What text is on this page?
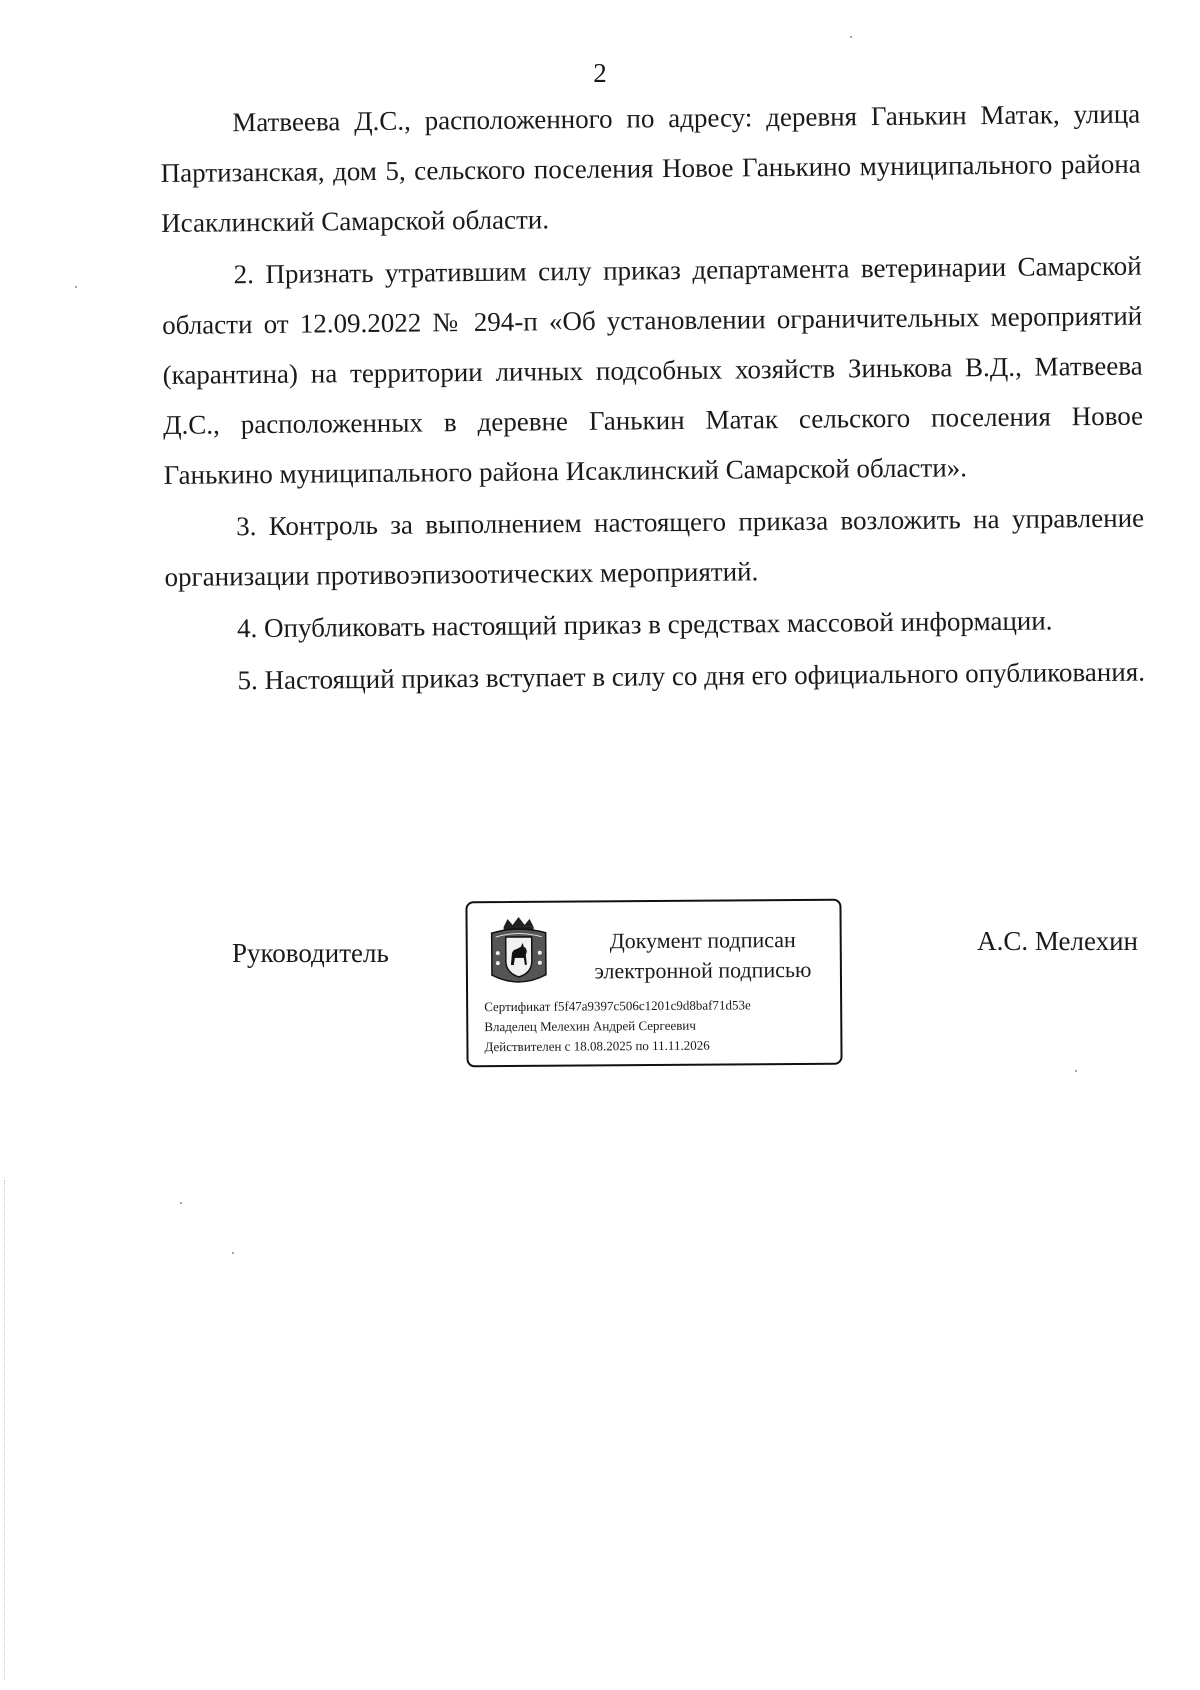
2

Матвеева Д.С., расположенного по адресу: деревня Ганькин Матак, улица Партизанская, дом 5, сельского поселения Новое Ганькино муниципального района Исаклинский Самарской области.

2. Признать утратившим силу приказ департамента ветеринарии Самарской области от 12.09.2022 № 294-п «Об установлении ограничительных мероприятий (карантина) на территории личных подсобных хозяйств Зинькова В.Д., Матвеева Д.С., расположенных в деревне Ганькин Матак сельского поселения Новое Ганькино муниципального района Исаклинский Самарской области».

3. Контроль за выполнением настоящего приказа возложить на управление организации противоэпизоотических мероприятий.

4. Опубликовать настоящий приказ в средствах массовой информации.

5. Настоящий приказ вступает в силу со дня его официального опубликования.

Руководитель	Документ подписан
электронной подписью
Сертификат f5f47a9397c506c1201c9d8baf71d53e
Владелец Мелехин Андрей Сергеевич
Действителен с 18.08.2025 по 11.11.2026
А.С. Мелехин
